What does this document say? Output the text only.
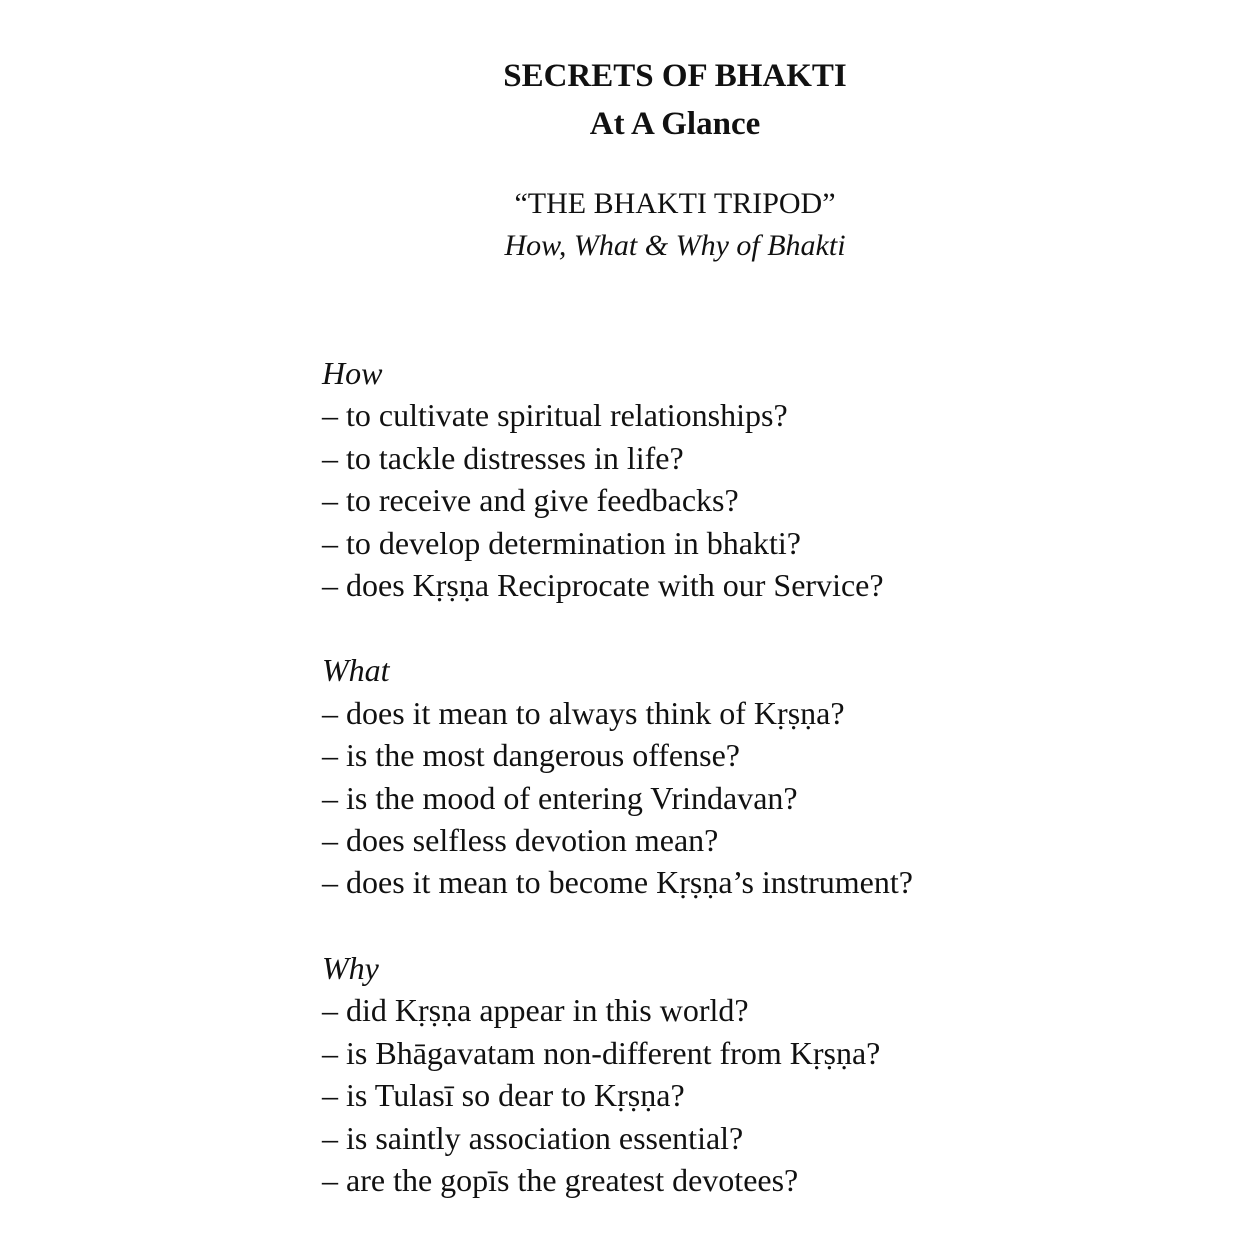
SECRETS OF BHAKTI

At A Glance

“THE BHAKTI TRIPOD”

How, What & Why of Bhakti

How

– to cultivate spiritual relationships?

– to tackle distresses in life?

– to receive and give feedbacks?

– to develop determination in bhakti?

– does Kṛṣṇa Reciprocate with our Service?

What

– does it mean to always think of Kṛṣṇa?

– is the most dangerous offense?

– is the mood of entering Vrindavan?

– does selfless devotion mean?

– does it mean to become Kṛṣṇa’s instrument?

Why

– did Kṛṣṇa appear in this world?

– is Bhāgavatam non-different from Kṛṣṇa?

– is Tulasī so dear to Kṛṣṇa?

– is saintly association essential?

– are the gopīs the greatest devotees?
